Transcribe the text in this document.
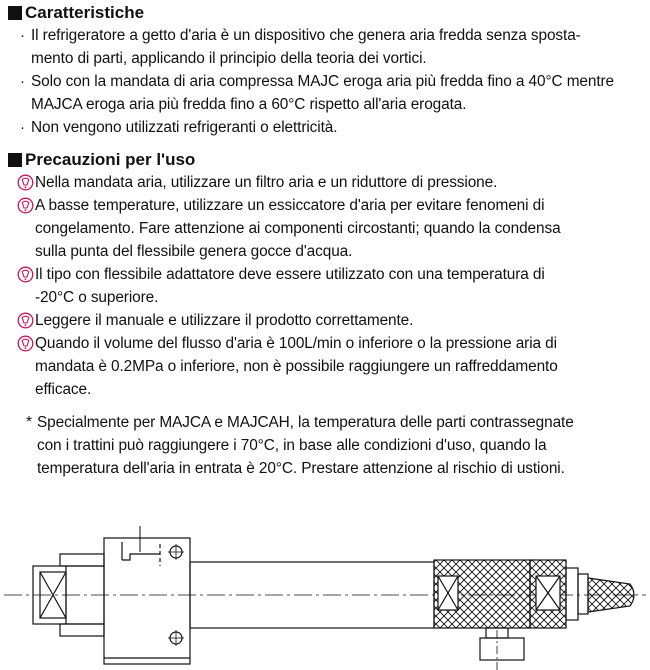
Caratteristiche
· Il refrigeratore a getto d'aria è un dispositivo che genera aria fredda senza sposta-
mento di parti, applicando il principio della teoria dei vortici.
· Solo con la mandata di aria compressa MAJC eroga aria più fredda fino a 40°C mentre
MAJCA eroga aria più fredda fino a 60°C rispetto all'aria erogata.
· Non vengono utilizzati refrigeranti o elettricità.
Precauzioni per l'uso
Nella mandata aria, utilizzare un filtro aria e un riduttore di pressione.
A basse temperature, utilizzare un essiccatore d'aria per evitare fenomeni di
congelamento. Fare attenzione ai componenti circostanti; quando la condensa
sulla punta del flessibile genera gocce d'acqua.
Il tipo con flessibile adattatore deve essere utilizzato con una temperatura di
-20°C o superiore.
Leggere il manuale e utilizzare il prodotto correttamente.
Quando il volume del flusso d'aria è 100L/min o inferiore o la pressione aria di
mandata è 0.2MPa o inferiore, non è possibile raggiungere un raffreddamento
efficace.
* Specialmente per MAJCA e MAJCAH, la temperatura delle parti contrassegnate
con i trattini può raggiungere i 70°C, in base alle condizioni d'uso, quando la
temperatura dell'aria in entrata è 20°C. Prestare attenzione al rischio di ustioni.
